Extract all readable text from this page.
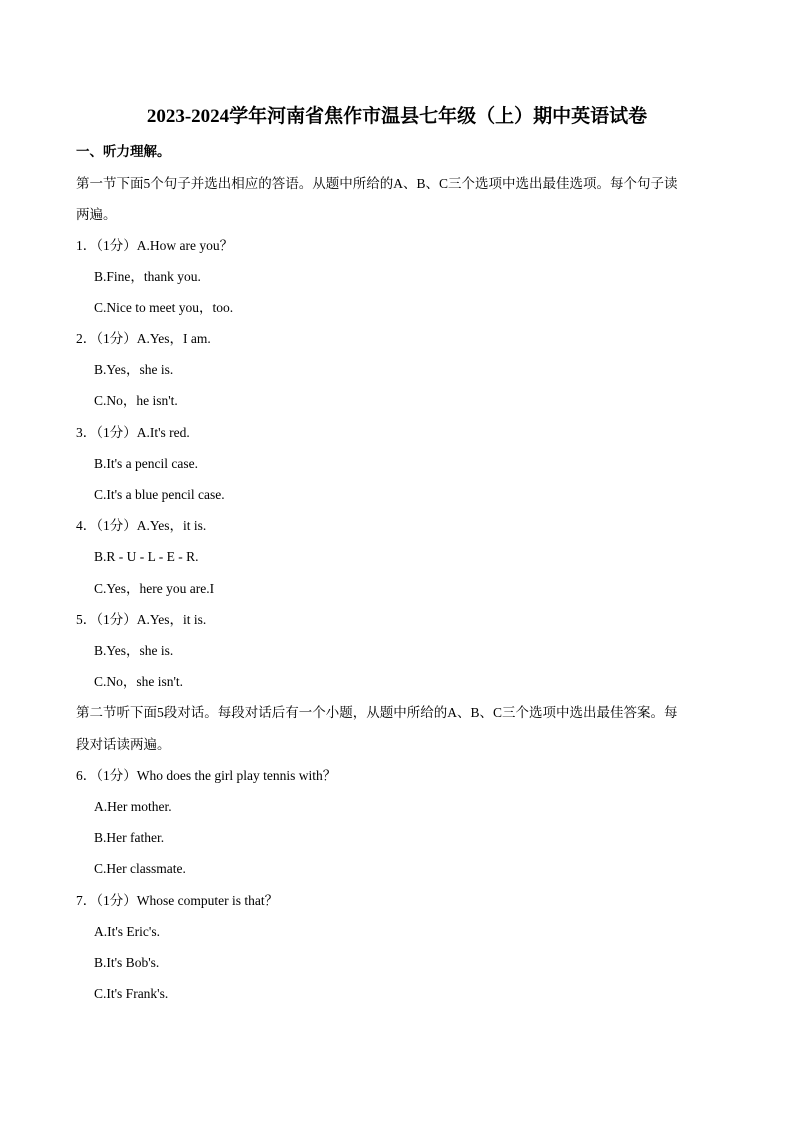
2023-2024学年河南省焦作市温县七年级（上）期中英语试卷
一、听力理解。
第一节下面5个句子并选出相应的答语。从题中所给的A、B、C三个选项中选出最佳选项。每个句子读
两遍。
1．（1分）A.How are you？
B.Fine，thank you.
C.Nice to meet you，too.
2．（1分）A.Yes，I am.
B.Yes，she is.
C.No，he isn't.
3．（1分）A.It's red.
B.It's a pencil case.
C.It's a blue pencil case.
4．（1分）A.Yes，it is.
B.R - U - L - E - R.
C.Yes，here you are.I
5．（1分）A.Yes，it is.
B.Yes，she is.
C.No，she isn't.
第二节听下面5段对话。每段对话后有一个小题，从题中所给的A、B、C三个选项中选出最佳答案。每
段对话读两遍。
6．（1分）Who does the girl play tennis with？
A.Her mother.
B.Her father.
C.Her classmate.
7．（1分）Whose computer is that？
A.It's Eric's.
B.It's Bob's.
C.It's Frank's.
